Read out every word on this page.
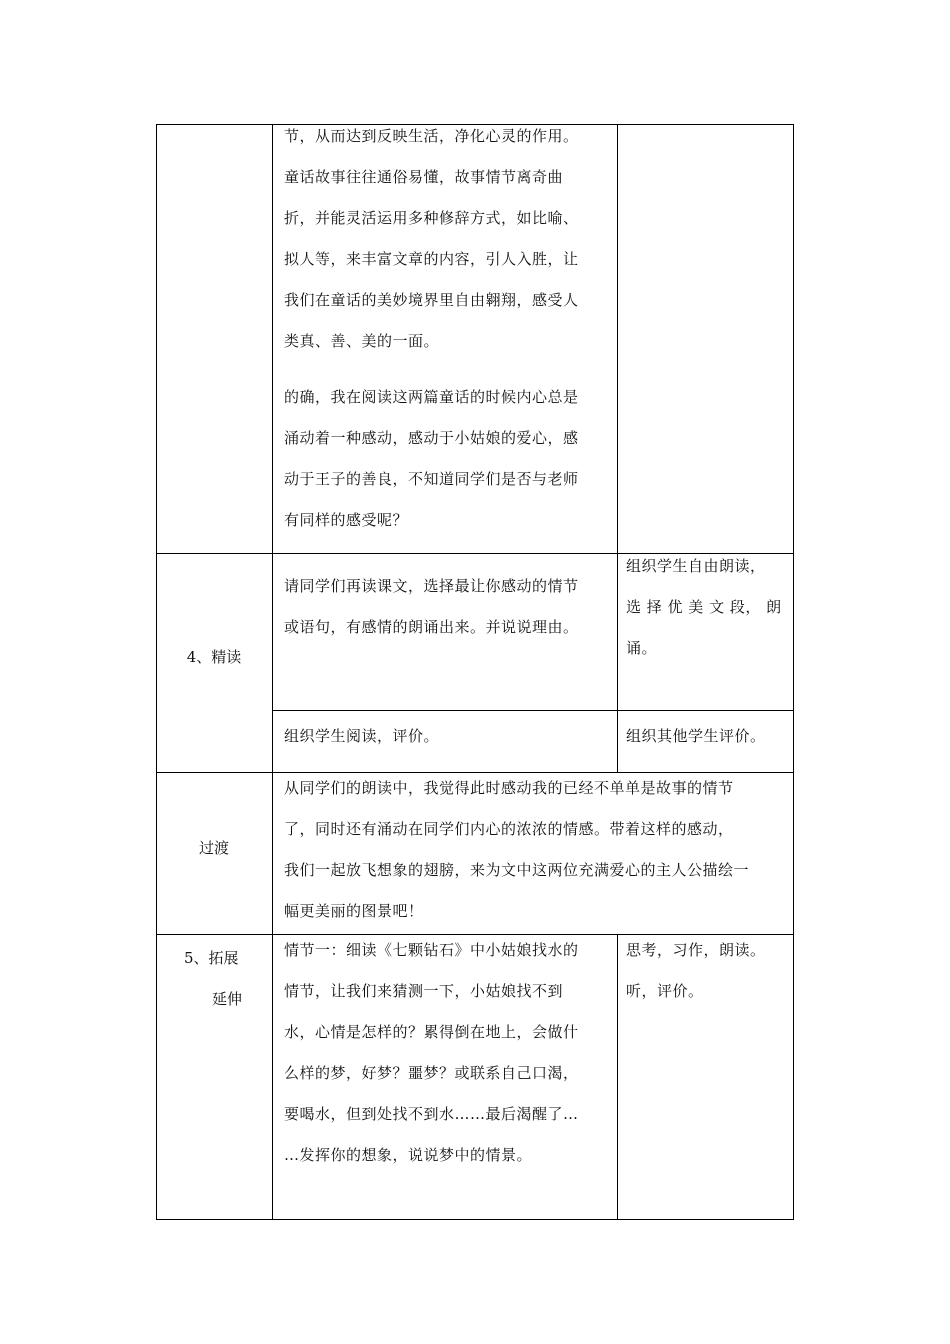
节，从而达到反映生活，净化心灵的作用。

童话故事往往通俗易懂，故事情节离奇曲

折，并能灵活运用多种修辞方式，如比喻、

拟人等，来丰富文章的内容，引人入胜，让

我们在童话的美妙境界里自由翱翔，感受人

类真、善、美的一面。

的确，我在阅读这两篇童话的时候内心总是

涌动着一种感动，感动于小姑娘的爱心，感

动于王子的善良，不知道同学们是否与老师

有同样的感受呢？

4、精读

请同学们再读课文，选择最让你感动的情节

或语句，有感情的朗诵出来。并说说理由。

组织学生自由朗读，

选 择 优 美 文 段， 朗

诵。

组织学生阅读，评价。	组织其他学生评价。

过渡

从同学们的朗读中，我觉得此时感动我的已经不单单是故事的情节

了，同时还有涌动在同学们内心的浓浓的情感。带着这样的感动，

我们一起放飞想象的翅膀，来为文中这两位充满爱心的主人公描绘一

幅更美丽的图景吧！

5、拓展
延伸

情节一：细读《七颗钻石》中小姑娘找水的

情节，让我们来猜测一下，小姑娘找不到

水，心情是怎样的？累得倒在地上，会做什

么样的梦，好梦？噩梦？或联系自己口渴，

要喝水，但到处找不到水……最后渴醒了…

…发挥你的想象，说说梦中的情景。

思考，习作，朗读。

听，评价。
